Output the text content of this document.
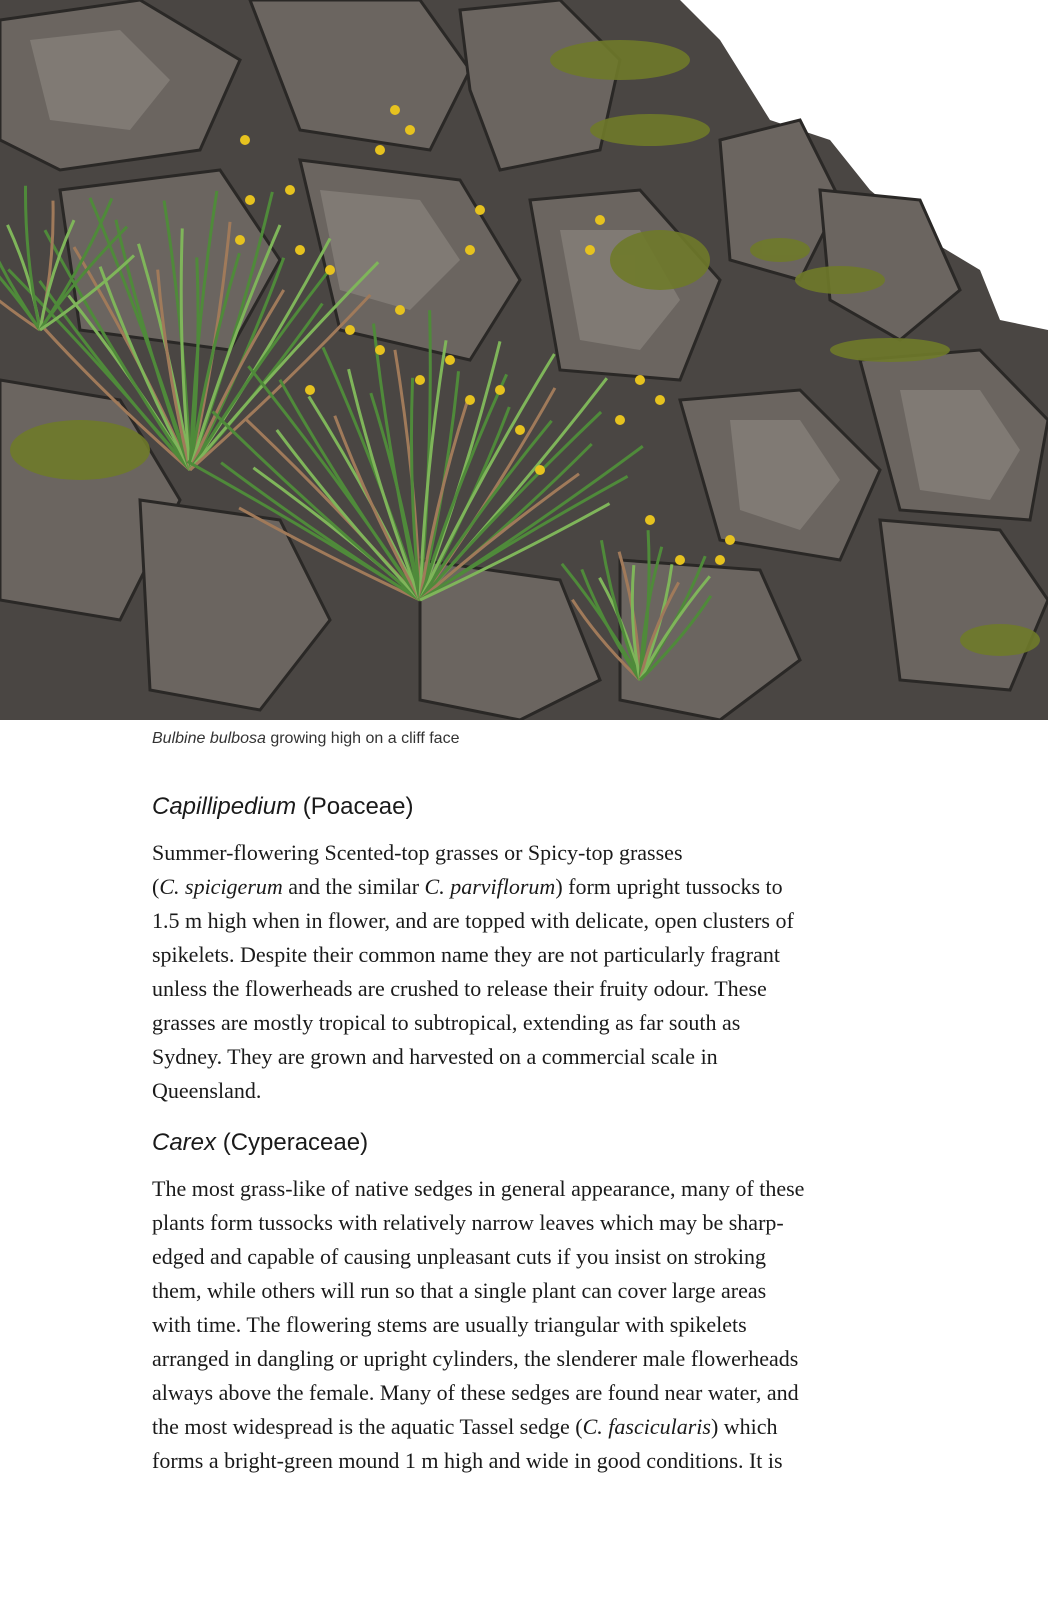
Bulbine bulbosa growing high on a cliff face
Capillipedium (Poaceae)
Summer-flowering Scented-top grasses or Spicy-top grasses
(C. spicigerum and the similar C. parviflorum) form upright tussocks to
1.5 m high when in flower, and are topped with delicate, open clusters of
spikelets. Despite their common name they are not particularly fragrant
unless the flowerheads are crushed to release their fruity odour. These
grasses are mostly tropical to subtropical, extending as far south as
Sydney. They are grown and harvested on a commercial scale in
Queensland.
Carex (Cyperaceae)
The most grass-like of native sedges in general appearance, many of these
plants form tussocks with relatively narrow leaves which may be sharp-
edged and capable of causing unpleasant cuts if you insist on stroking
them, while others will run so that a single plant can cover large areas
with time. The flowering stems are usually triangular with spikelets
arranged in dangling or upright cylinders, the slenderer male flowerheads
always above the female. Many of these sedges are found near water, and
the most widespread is the aquatic Tassel sedge (C. fascicularis) which
forms a bright-green mound 1 m high and wide in good conditions. It is
